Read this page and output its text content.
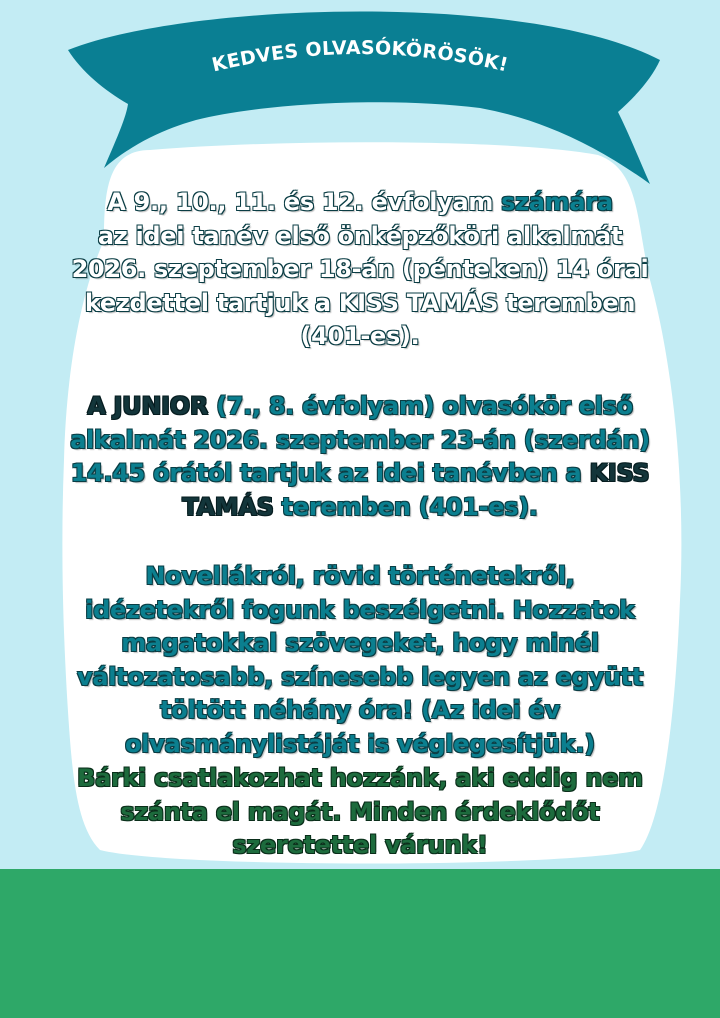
KEDVES OLVASÓKÖRÖSÖK!

A 9., 10., 11. és 12. évfolyam számára
az idei tanév első önképzőköri alkalmát
2026. szeptember 18-án (pénteken) 14 órai
kezdettel tartjuk a KISS TAMÁS teremben
(401-es).

A JUNIOR (7., 8. évfolyam) olvasókör első
alkalmát 2026. szeptember 23-án (szerdán)
14.45 órától tartjuk az idei tanévben a KISS
TAMÁS teremben (401-es).

Novellákról, rövid történetekről,
idézetekről fogunk beszélgetni. Hozzatok
magatokkal szövegeket, hogy minél
változatosabb, színesebb legyen az együtt
töltött néhány óra! (Az idei év
olvasmánylistáját is véglegesítjük.)

Bárki csatlakozhat hozzánk, aki eddig nem
szánta el magát. Minden érdeklődőt
szeretettel várunk!
